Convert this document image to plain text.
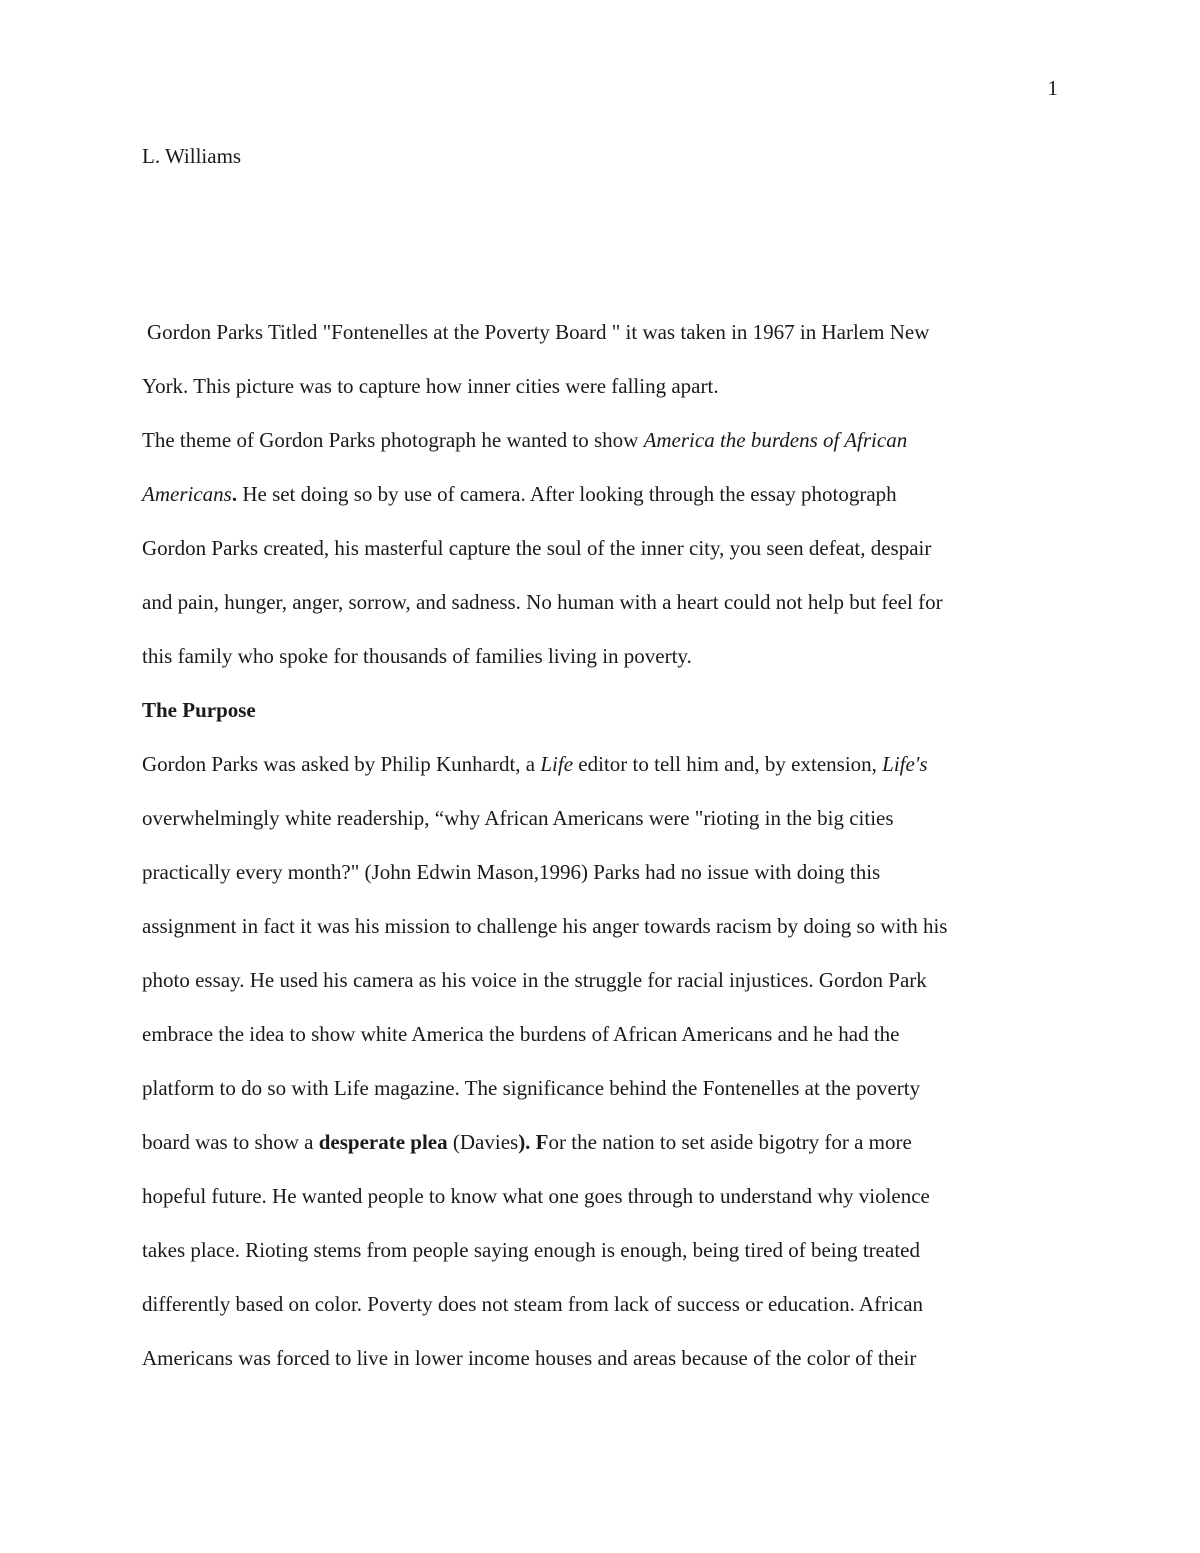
1
L. Williams
Gordon Parks Titled "Fontenelles at the Poverty Board " it was taken in 1967 in Harlem New
York. This picture was to capture how inner cities were falling apart.
The theme of Gordon Parks photograph he wanted to show America the burdens of African
Americans. He set doing so by use of camera. After looking through the essay photograph
Gordon Parks created, his masterful capture the soul of the inner city, you seen defeat, despair
and pain, hunger, anger, sorrow, and sadness. No human with a heart could not help but feel for
this family who spoke for thousands of families living in poverty.
The Purpose
Gordon Parks was asked by Philip Kunhardt, a Life editor to tell him and, by extension, Life's
overwhelmingly white readership, “why African Americans were "rioting in the big cities
practically every month?" (John Edwin Mason,1996) Parks had no issue with doing this
assignment in fact it was his mission to challenge his anger towards racism by doing so with his
photo essay. He used his camera as his voice in the struggle for racial injustices. Gordon Park
embrace the idea to show white America the burdens of African Americans and he had the
platform to do so with Life magazine. The significance behind the Fontenelles at the poverty
board was to show a desperate plea (Davies). For the nation to set aside bigotry for a more
hopeful future. He wanted people to know what one goes through to understand why violence
takes place. Rioting stems from people saying enough is enough, being tired of being treated
differently based on color. Poverty does not steam from lack of success or education. African
Americans was forced to live in lower income houses and areas because of the color of their
